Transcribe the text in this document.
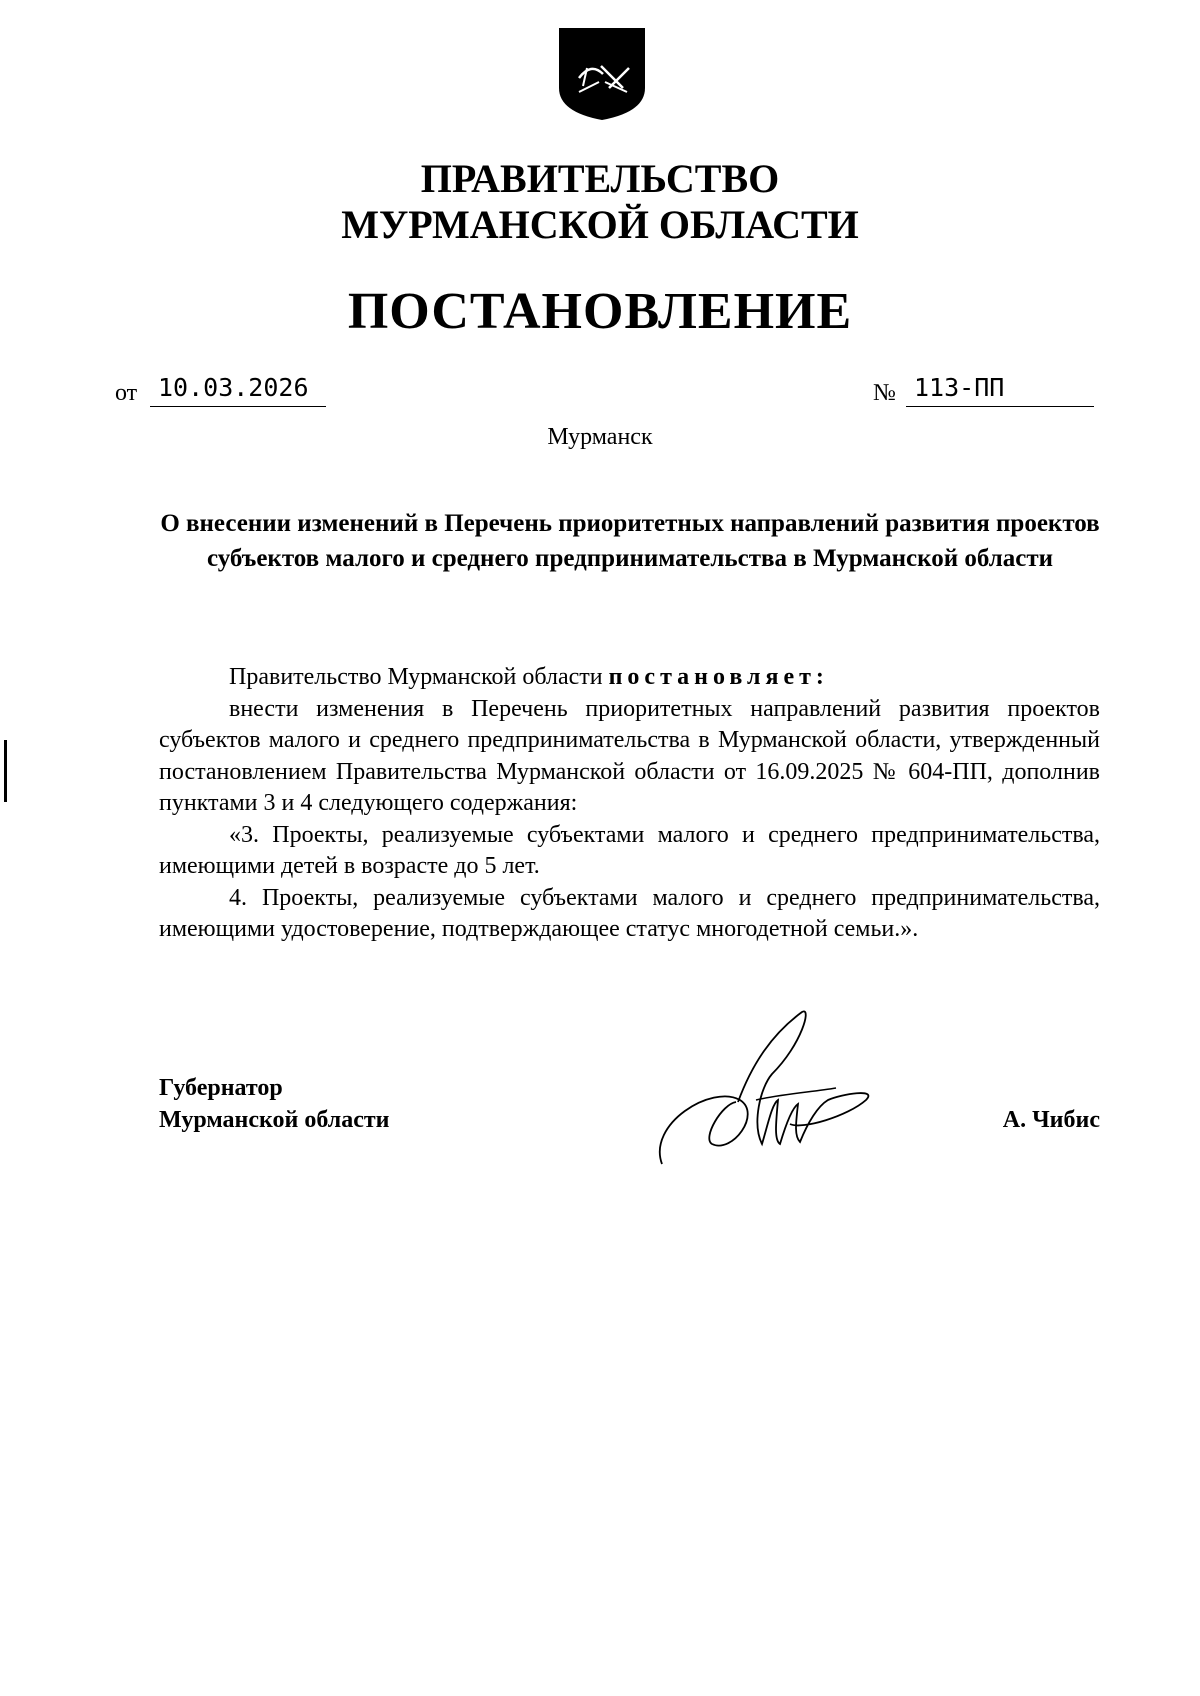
ПРАВИТЕЛЬСТВО
МУРМАНСКОЙ ОБЛАСТИ
ПОСТАНОВЛЕНИЕ
от 10.03.2026	№ 113-ПП
Мурманск
О внесении изменений в Перечень приоритетных направлений развития проектов субъектов малого и среднего предпринимательства в Мурманской области

Правительство Мурманской области постановляет:

внести изменения в Перечень приоритетных направлений развития проектов субъектов малого и среднего предпринимательства в Мурманской области, утвержденный постановлением Правительства Мурманской области от 16.09.2025 № 604-ПП, дополнив пунктами 3 и 4 следующего содержания:

«3. Проекты, реализуемые субъектами малого и среднего предпринимательства, имеющими детей в возрасте до 5 лет.

4. Проекты, реализуемые субъектами малого и среднего предпринимательства, имеющими удостоверение, подтверждающее статус многодетной семьи.».

Губернатор
Мурманской области	А. Чибис
